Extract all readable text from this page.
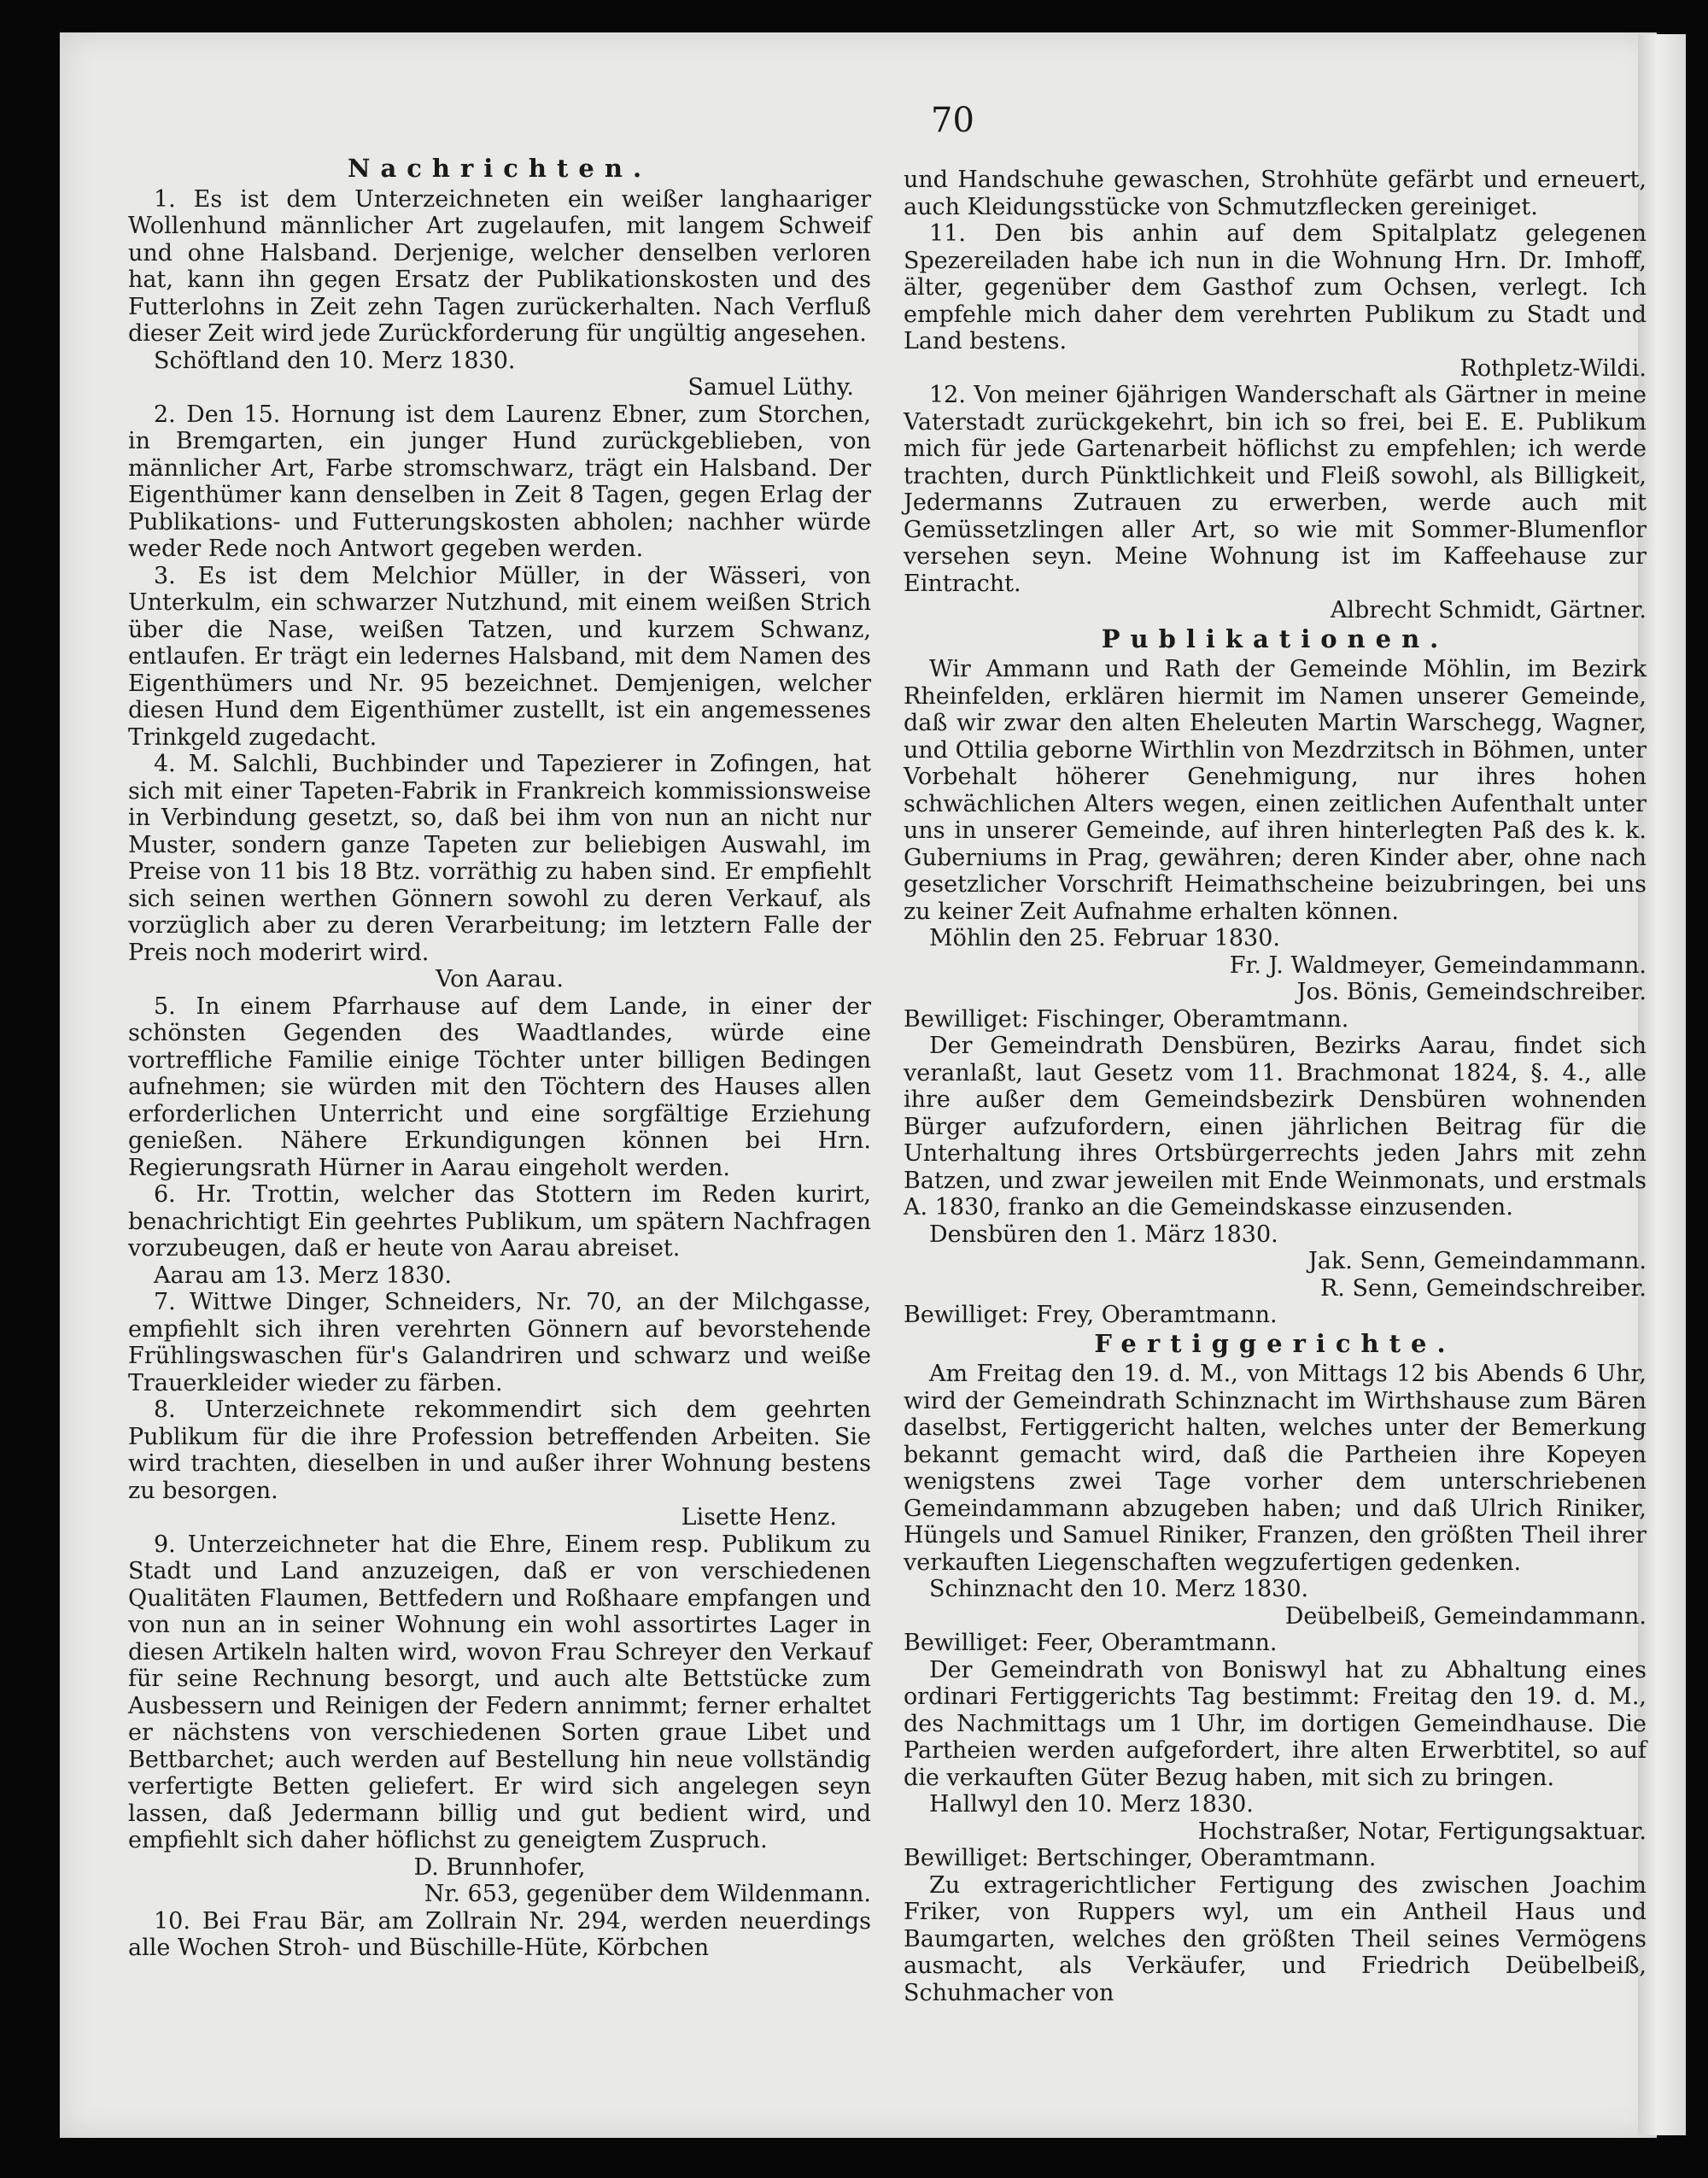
70
Nachrichten.

1. Es ist dem Unterzeichneten ein weißer langhaariger Wollenhund männlicher Art zugelaufen, mit langem Schweif und ohne Halsband. Derjenige, welcher denselben verloren hat, kann ihn gegen Ersatz der Publikationskosten und des Futterlohns in Zeit zehn Tagen zurückerhalten. Nach Verfluß dieser Zeit wird jede Zurückforderung für ungültig angesehen.

Schöftland den 10. Merz 1830.

Samuel Lüthy.

2. Den 15. Hornung ist dem Laurenz Ebner, zum Storchen, in Bremgarten, ein junger Hund zurückgeblieben, von männlicher Art, Farbe stromschwarz, trägt ein Halsband. Der Eigenthümer kann denselben in Zeit 8 Tagen, gegen Erlag der Publikations- und Futterungskosten abholen; nachher würde weder Rede noch Antwort gegeben werden.

3. Es ist dem Melchior Müller, in der Wässeri, von Unterkulm, ein schwarzer Nutzhund, mit einem weißen Strich über die Nase, weißen Tatzen, und kurzem Schwanz, entlaufen. Er trägt ein ledernes Halsband, mit dem Namen des Eigenthümers und Nr. 95 bezeichnet. Demjenigen, welcher diesen Hund dem Eigenthümer zustellt, ist ein angemessenes Trinkgeld zugedacht.

4. M. Salchli, Buchbinder und Tapezierer in Zofingen, hat sich mit einer Tapeten-Fabrik in Frankreich kommissionsweise in Verbindung gesetzt, so, daß bei ihm von nun an nicht nur Muster, sondern ganze Tapeten zur beliebigen Auswahl, im Preise von 11 bis 18 Btz. vorräthig zu haben sind. Er empfiehlt sich seinen werthen Gönnern sowohl zu deren Verkauf, als vorzüglich aber zu deren Verarbeitung; im letztern Falle der Preis noch moderirt wird.

Von Aarau.

5. In einem Pfarrhause auf dem Lande, in einer der schönsten Gegenden des Waadtlandes, würde eine vortreffliche Familie einige Töchter unter billigen Bedingen aufnehmen; sie würden mit den Töchtern des Hauses allen erforderlichen Unterricht und eine sorgfältige Erziehung genießen. Nähere Erkundigungen können bei Hrn. Regierungsrath Hürner in Aarau eingeholt werden.

6. Hr. Trottin, welcher das Stottern im Reden kurirt, benachrichtigt Ein geehrtes Publikum, um spätern Nachfragen vorzubeugen, daß er heute von Aarau abreiset.

Aarau am 13. Merz 1830.

7. Wittwe Dinger, Schneiders, Nr. 70, an der Milchgasse, empfiehlt sich ihren verehrten Gönnern auf bevorstehende Frühlingswaschen für's Galandriren und schwarz und weiße Trauerkleider wieder zu färben.

8. Unterzeichnete rekommendirt sich dem geehrten Publikum für die ihre Profession betreffenden Arbeiten. Sie wird trachten, dieselben in und außer ihrer Wohnung bestens zu besorgen.

Lisette Henz.

9. Unterzeichneter hat die Ehre, Einem resp. Publikum zu Stadt und Land anzuzeigen, daß er von verschiedenen Qualitäten Flaumen, Bettfedern und Roßhaare empfangen und von nun an in seiner Wohnung ein wohl assortirtes Lager in diesen Artikeln halten wird, wovon Frau Schreyer den Verkauf für seine Rechnung besorgt, und auch alte Bettstücke zum Ausbessern und Reinigen der Federn annimmt; ferner erhaltet er nächstens von verschiedenen Sorten graue Libet und Bettbarchet; auch werden auf Bestellung hin neue vollständig verfertigte Betten geliefert. Er wird sich angelegen seyn lassen, daß Jedermann billig und gut bedient wird, und empfiehlt sich daher höflichst zu geneigtem Zuspruch.

D. Brunnhofer,
Nr. 653, gegenüber dem Wildenmann.

10. Bei Frau Bär, am Zollrain Nr. 294, werden neuerdings alle Wochen Stroh- und Büschille-Hüte, Körbchen

und Handschuhe gewaschen, Strohhüte gefärbt und erneuert, auch Kleidungsstücke von Schmutzflecken gereiniget.

11. Den bis anhin auf dem Spitalplatz gelegenen Spezereiladen habe ich nun in die Wohnung Hrn. Dr. Imhoff, älter, gegenüber dem Gasthof zum Ochsen, verlegt. Ich empfehle mich daher dem verehrten Publikum zu Stadt und Land bestens.

Rothpletz-Wildi.

12. Von meiner 6jährigen Wanderschaft als Gärtner in meine Vaterstadt zurückgekehrt, bin ich so frei, bei E. E. Publikum mich für jede Gartenarbeit höflichst zu empfehlen; ich werde trachten, durch Pünktlichkeit und Fleiß sowohl, als Billigkeit, Jedermanns Zutrauen zu erwerben, werde auch mit Gemüssetzlingen aller Art, so wie mit Sommer-Blumenflor versehen seyn. Meine Wohnung ist im Kaffeehause zur Eintracht.

Albrecht Schmidt, Gärtner.
Publikationen.

Wir Ammann und Rath der Gemeinde Möhlin, im Bezirk Rheinfelden, erklären hiermit im Namen unserer Gemeinde, daß wir zwar den alten Eheleuten Martin Warschegg, Wagner, und Ottilia geborne Wirthlin von Mezdrzitsch in Böhmen, unter Vorbehalt höherer Genehmigung, nur ihres hohen schwächlichen Alters wegen, einen zeitlichen Aufenthalt unter uns in unserer Gemeinde, auf ihren hinterlegten Paß des k. k. Guberniums in Prag, gewähren; deren Kinder aber, ohne nach gesetzlicher Vorschrift Heimathscheine beizubringen, bei uns zu keiner Zeit Aufnahme erhalten können.

Möhlin den 25. Februar 1830.

Fr. J. Waldmeyer, Gemeindammann.
Jos. Bönis, Gemeindschreiber.

Bewilliget: Fischinger, Oberamtmann.

Der Gemeindrath Densbüren, Bezirks Aarau, findet sich veranlaßt, laut Gesetz vom 11. Brachmonat 1824, §. 4., alle ihre außer dem Gemeindsbezirk Densbüren wohnenden Bürger aufzufordern, einen jährlichen Beitrag für die Unterhaltung ihres Ortsbürgerrechts jeden Jahrs mit zehn Batzen, und zwar jeweilen mit Ende Weinmonats, und erstmals A. 1830, franko an die Gemeindskasse einzusenden.

Densbüren den 1. März 1830.

Jak. Senn, Gemeindammann.
R. Senn, Gemeindschreiber.

Bewilliget: Frey, Oberamtmann.

Fertiggerichte.

Am Freitag den 19. d. M., von Mittags 12 bis Abends 6 Uhr, wird der Gemeindrath Schinznacht im Wirthshause zum Bären daselbst, Fertiggericht halten, welches unter der Bemerkung bekannt gemacht wird, daß die Partheien ihre Kopeyen wenigstens zwei Tage vorher dem unterschriebenen Gemeindammann abzugeben haben; und daß Ulrich Riniker, Hüngels und Samuel Riniker, Franzen, den größten Theil ihrer verkauften Liegenschaften wegzufertigen gedenken.

Schinznacht den 10. Merz 1830.

Deübelbeiß, Gemeindammann.

Bewilliget: Feer, Oberamtmann.

Der Gemeindrath von Boniswyl hat zu Abhaltung eines ordinari Fertiggerichts Tag bestimmt: Freitag den 19. d. M., des Nachmittags um 1 Uhr, im dortigen Gemeindhause. Die Partheien werden aufgefordert, ihre alten Erwerbtitel, so auf die verkauften Güter Bezug haben, mit sich zu bringen.

Hallwyl den 10. Merz 1830.

Hochstraßer, Notar, Fertigungsaktuar.

Bewilliget: Bertschinger, Oberamtmann.

Zu extragerichtlicher Fertigung des zwischen Joachim Friker, von Ruppers wyl, um ein Antheil Haus und Baumgarten, welches den größten Theil seines Vermögens ausmacht, als Verkäufer, und Friedrich Deübelbeiß, Schuhmacher von
